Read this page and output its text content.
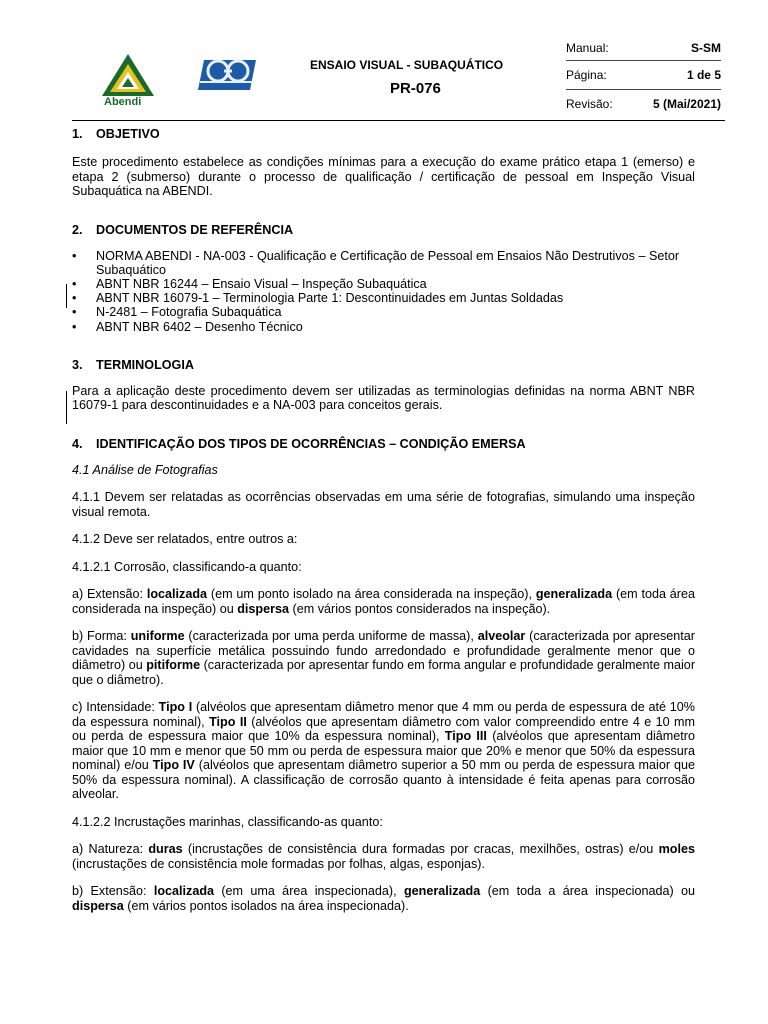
Abendi
ENSAIO VISUAL - SUBAQUÁTICO
PR-076
Manual:	S-SM
Página:	1 de 5
Revisão:	5 (Mai/2021)
1. OBJETIVO

Este procedimento estabelece as condições mínimas para a execução do exame prático etapa 1 (emerso) e etapa 2 (submerso) durante o processo de qualificação / certificação de pessoal em Inspeção Visual Subaquática na ABENDI.

2. DOCUMENTOS DE REFERÊNCIA
• NORMA ABENDI - NA-003 - Qualificação e Certificação de Pessoal em Ensaios Não Destrutivos – Setor Subaquático
• ABNT NBR 16244 – Ensaio Visual – Inspeção Subaquática
• ABNT NBR 16079-1 – Terminologia Parte 1: Descontinuidades em Juntas Soldadas
• N-2481 – Fotografia Subaquática
• ABNT NBR 6402 – Desenho Técnico
3. TERMINOLOGIA

Para a aplicação deste procedimento devem ser utilizadas as terminologias definidas na norma ABNT NBR 16079-1 para descontinuidades e a NA-003 para conceitos gerais.

4. IDENTIFICAÇÃO DOS TIPOS DE OCORRÊNCIAS – CONDIÇÃO EMERSA

4.1 Análise de Fotografias

4.1.1 Devem ser relatadas as ocorrências observadas em uma série de fotografias, simulando uma inspeção visual remota.

4.1.2 Deve ser relatados, entre outros a:

4.1.2.1 Corrosão, classificando-a quanto:

a) Extensão: localizada (em um ponto isolado na área considerada na inspeção), generalizada (em toda área considerada na inspeção) ou dispersa (em vários pontos considerados na inspeção).

b) Forma: uniforme (caracterizada por uma perda uniforme de massa), alveolar (caracterizada por apresentar cavidades na superfície metálica possuindo fundo arredondado e profundidade geralmente menor que o diâmetro) ou pitiforme (caracterizada por apresentar fundo em forma angular e profundidade geralmente maior que o diâmetro).

c) Intensidade: Tipo I (alvéolos que apresentam diâmetro menor que 4 mm ou perda de espessura de até 10% da espessura nominal), Tipo II (alvéolos que apresentam diâmetro com valor compreendido entre 4 e 10 mm ou perda de espessura maior que 10% da espessura nominal), Tipo III (alvéolos que apresentam diâmetro maior que 10 mm e menor que 50 mm ou perda de espessura maior que 20% e menor que 50% da espessura nominal) e/ou Tipo IV (alvéolos que apresentam diâmetro superior a 50 mm ou perda de espessura maior que 50% da espessura nominal). A classificação de corrosão quanto à intensidade é feita apenas para corrosão alveolar.

4.1.2.2 Incrustações marinhas, classificando-as quanto:

a) Natureza: duras (incrustações de consistência dura formadas por cracas, mexilhões, ostras) e/ou moles (incrustações de consistência mole formadas por folhas, algas, esponjas).

b) Extensão: localizada (em uma área inspecionada), generalizada (em toda a área inspecionada) ou dispersa (em vários pontos isolados na área inspecionada).
